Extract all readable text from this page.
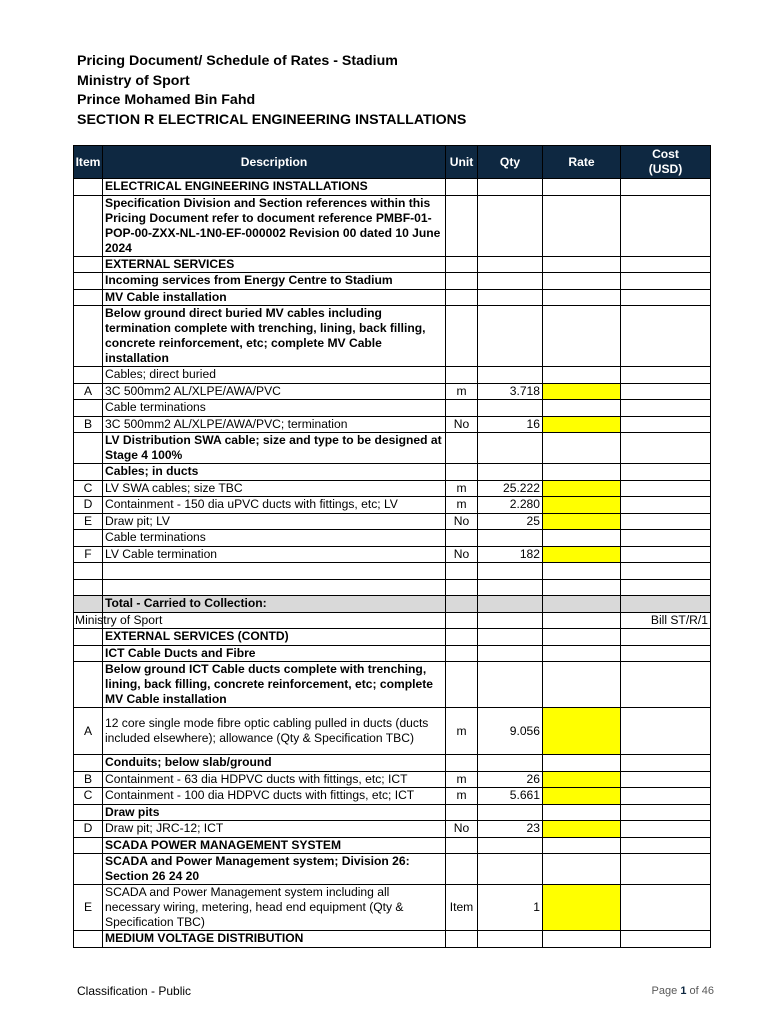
Pricing Document/ Schedule of Rates - Stadium
Ministry of Sport
Prince Mohamed Bin Fahd
SECTION R ELECTRICAL ENGINEERING INSTALLATIONS
Item	Description	Unit	Qty	Rate	Cost
(USD)

	ELECTRICAL ENGINEERING INSTALLATIONS				
	Specification Division and Section references within this Pricing Document refer to document reference PMBF-01-POP-00-ZXX-NL-1N0-EF-000002 Revision 00 dated 10 June 2024				
	EXTERNAL SERVICES				
	Incoming services from Energy Centre to Stadium				
	MV Cable installation				
	Below ground direct buried MV cables including termination complete with trenching, lining, back filling, concrete reinforcement, etc; complete MV Cable installation				
	Cables; direct buried				
A	3C 500mm2 AL/XLPE/AWA/PVC	m	3.718		
	Cable terminations				
B	3C 500mm2 AL/XLPE/AWA/PVC; termination	No	16		
	LV Distribution SWA cable; size and type to be designed at Stage 4 100%				
	Cables; in ducts				
C	LV SWA cables; size TBC	m	25.222		
D	Containment - 150 dia uPVC ducts with fittings, etc; LV	m	2.280		
E	Draw pit; LV	No	25		
	Cable terminations				
F	LV Cable termination	No	182		

	Total - Carried to Collection:				
Ministry of Sport					Bill ST/R/1
	EXTERNAL SERVICES (CONTD)				
	ICT Cable Ducts and Fibre				
	Below ground ICT Cable ducts complete with trenching, lining, back filling, concrete reinforcement, etc; complete MV Cable installation				
A	12 core single mode fibre optic cabling pulled in ducts (ducts included elsewhere); allowance (Qty & Specification TBC)	m	9.056		
	Conduits; below slab/ground				
B	Containment - 63 dia HDPVC ducts with fittings, etc; ICT	m	26		
C	Containment - 100 dia HDPVC ducts with fittings, etc; ICT	m	5.661		
	Draw pits				
D	Draw pit; JRC-12; ICT	No	23		
	SCADA POWER MANAGEMENT SYSTEM				
	SCADA and Power Management system; Division 26: Section 26 24 20				
E	SCADA and Power Management system including all necessary wiring, metering, head end equipment (Qty & Specification TBC)	Item	1		
	MEDIUM VOLTAGE DISTRIBUTION				
Classification - Public	Page 1 of 46
